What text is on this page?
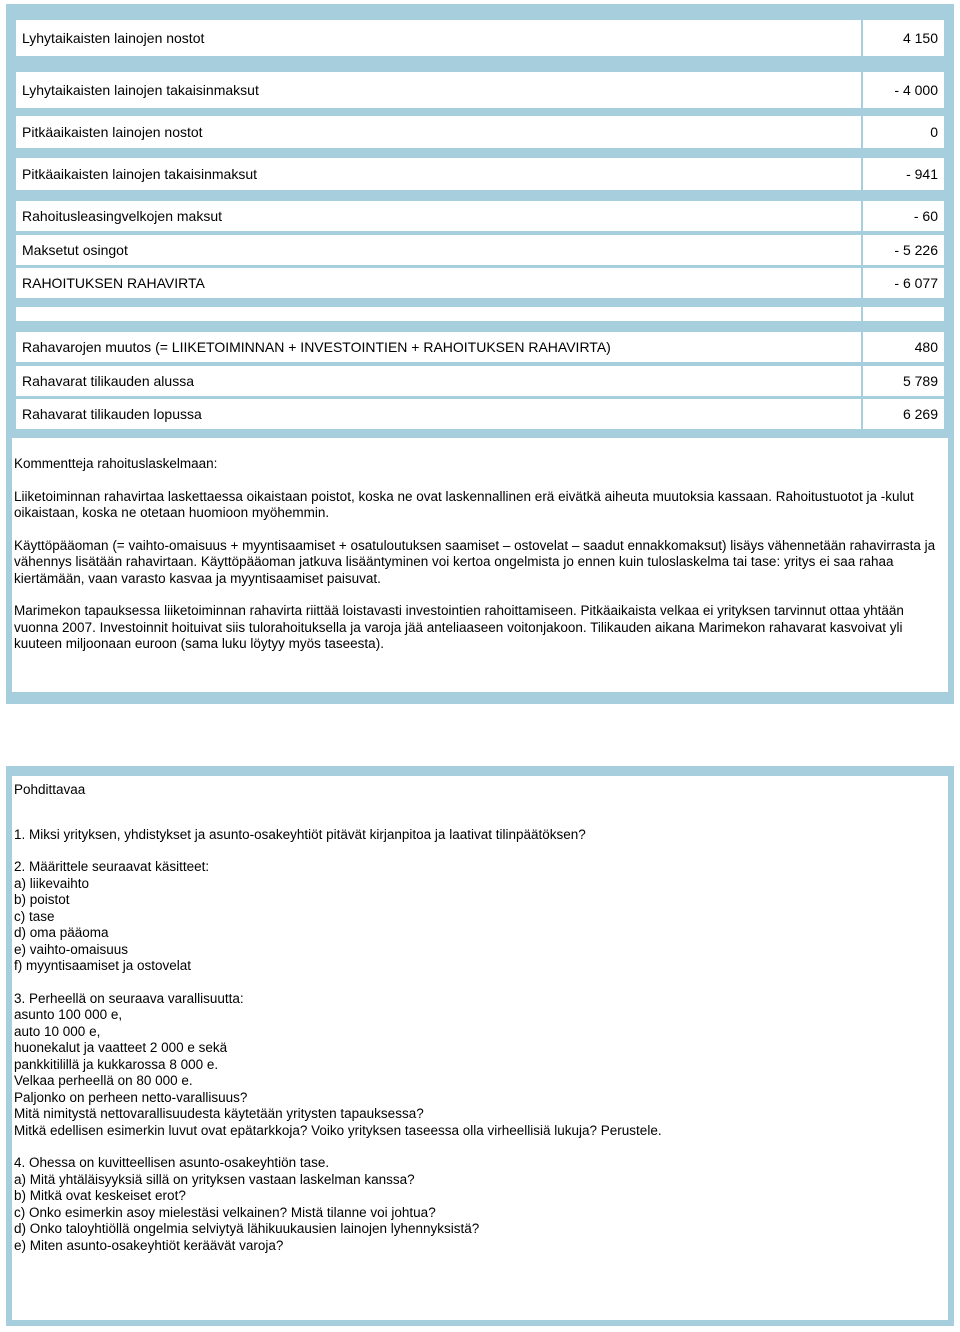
Lyhytaikaisten lainojen nostot	4 150
Lyhytaikaisten lainojen takaisinmaksut	- 4 000
Pitkäaikaisten lainojen nostot	0
Pitkäaikaisten lainojen takaisinmaksut	- 941
Rahoitusleasingvelkojen maksut	- 60
Maksetut osingot	- 5 226
RAHOITUKSEN RAHAVIRTA	- 6 077
Rahavarojen muutos (= LIIKETOIMINNAN + INVESTOINTIEN + RAHOITUKSEN RAHAVIRTA)	480
Rahavarat tilikauden alussa	5 789
Rahavarat tilikauden lopussa	6 269

Kommentteja rahoituslaskelmaan:

Liiketoiminnan rahavirtaa laskettaessa oikaistaan poistot, koska ne ovat laskennallinen erä eivätkä aiheuta muutoksia kassaan. Rahoitustuotot ja -kulut oikaistaan, koska ne otetaan huomioon myöhemmin.

Käyttöpääoman (= vaihto-omaisuus + myyntisaamiset + osatuloutuksen saamiset – ostovelat – saadut ennakkomaksut) lisäys vähennetään rahavirrasta ja vähennys lisätään rahavirtaan. Käyttöpääoman jatkuva lisääntyminen voi kertoa ongelmista jo ennen kuin tuloslaskelma tai tase: yritys ei saa rahaa kiertämään, vaan varasto kasvaa ja myyntisaamiset paisuvat.

Marimekon tapauksessa liiketoiminnan rahavirta riittää loistavasti investointien rahoittamiseen. Pitkäaikaista velkaa ei yrityksen tarvinnut ottaa yhtään vuonna 2007. Investoinnit hoituivat siis tulorahoituksella ja varoja jää anteliaaseen voitonjakoon. Tilikauden aikana Marimekon rahavarat kasvoivat yli kuuteen miljoonaan euroon (sama luku löytyy myös taseesta).

Pohdittavaa

1. Miksi yrityksen, yhdistykset ja asunto-osakeyhtiöt pitävät kirjanpitoa ja laativat tilinpäätöksen?
2. Määrittele seuraavat käsitteet:
a) liikevaihto
b) poistot
c) tase
d) oma pääoma
e) vaihto-omaisuus
f) myyntisaamiset ja ostovelat
3. Perheellä on seuraava varallisuutta:
asunto 100 000 e,
auto 10 000 e,
huonekalut ja vaatteet 2 000 e sekä
pankkitilillä ja kukkarossa 8 000 e.
Velkaa perheellä on 80 000 e.
Paljonko on perheen netto-varallisuus?
Mitä nimitystä nettovarallisuudesta käytetään yritysten tapauksessa?
Mitkä edellisen esimerkin luvut ovat epätarkkoja? Voiko yrityksen taseessa olla virheellisiä lukuja? Perustele.
4. Ohessa on kuvitteellisen asunto-osakeyhtiön tase.
a) Mitä yhtäläisyyksiä sillä on yrityksen vastaan laskelman kanssa?
b) Mitkä ovat keskeiset erot?
c) Onko esimerkin asoy mielestäsi velkainen? Mistä tilanne voi johtua?
d) Onko taloyhtiöllä ongelmia selviytyä lähikuukausien lainojen lyhennyksistä?
e) Miten asunto-osakeyhtiöt keräävät varoja?
